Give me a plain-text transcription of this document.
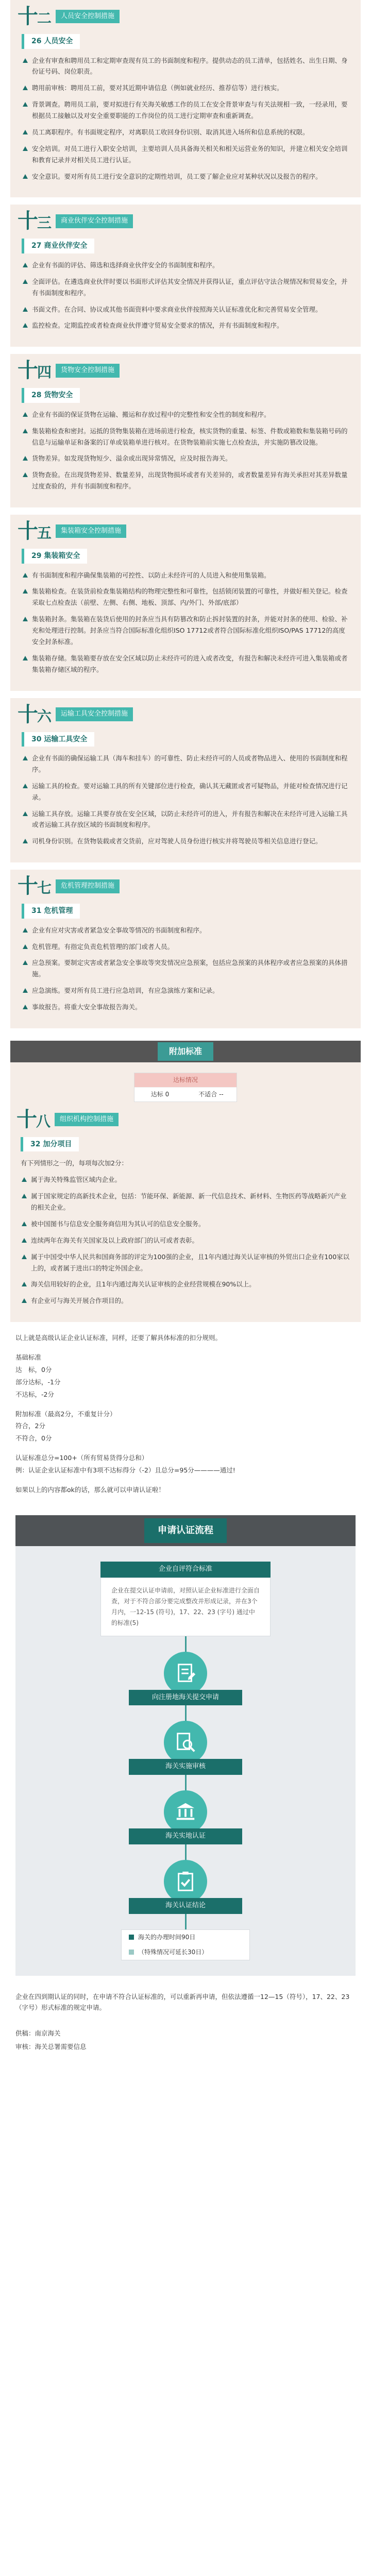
十二	人员安全控制措施
26 人员安全
企业有审查和聘用员工和定期审查现有员工的书面制度和程序。提供动态的员工清单，包括姓名、出生日期、身份证号码、岗位职责。
聘用前审核：聘用员工前，要对其近期申请信息（例如就业经历、推荐信等）进行核实。
背景调查。聘用员工前，要对拟进行有关海关敏感工作的员工在安全背景审查与有关法规相一致，一经录用，要根据员工接触以及对安全重要职能的工作岗位的员工进行定期审查和重新调查。
员工离职程序。有书面规定程序，对离职员工收回身份识别、取消其进入场所和信息系统的权限。
安全培训。对员工进行入职安全培训，主要培训人员具备海关相关和相关运营业务的知识，并建立相关安全培训和教育记录并对相关员工进行认证。
安全意识。要对所有员工进行安全意识的定期性培训，员工要了解企业应对某种状况以及报告的程序。
十三	商业伙伴安全控制措施
27 商业伙伴安全
企业有书面的评估、筛选和选择商业伙伴安全的书面制度和程序。
全面评估。在遴选商业伙伴时要以书面形式评估其安全情况并获得认证，重点评估守法合规情况和贸易安全，并有书面制度和程序。
书面文件。在合同、协议或其他书面资料中要求商业伙伴按照海关认证标准优化和完善贸易安全管理。
监控检查。定期监控或者检查商业伙伴遵守贸易安全要求的情况，并有书面制度和程序。
十四	货物安全控制措施
28 货物安全
企业有书面的保证货物在运输、搬运和存放过程中的完整性和安全性的制度和程序。
集装箱检查和密封。运抵的货物集装箱在进场前进行检查，核实货物的重量、标签、件数或箱数和集装箱号码的信息与运输单证和备案的订单或装箱单进行核对。在货物装箱前实施七点检查法，并实施防篡改设施。
货物差异。如发现货物短少、溢余或出现异常情况，应及时报告海关。
货物查验。在出现货物差异、数量差异，出现货物损坏或者有关差异的，或者数量差异有海关承担对其差异数量过度查验的，并有书面制度和程序。
十五	集装箱安全控制措施
29 集装箱安全
有书面制度和程序确保集装箱的可控性、以防止未经许可的人员进入和使用集装箱。
集装箱检查。在装货前检查集装箱结构的物理完整性和可靠性，包括锁闭装置的可靠性，并做好相关登记。检查采取七点检查法（前壁、左侧、右侧、地板、顶部、内/外门、外部/底部）
集装箱封条。集装箱在装货后使用的封条应当具有防篡改和防止拆封装置的封条，并能对封条的使用、检验、补充和处理进行控制。封条应当符合国际标准化组织ISO 17712或者符合国际标准化组织ISO/PAS 17712的高度安全封条标准。
集装箱存储。集装箱要存放在安全区域以防止未经许可的进入或者改变，有报告和解决未经许可进入集装箱或者集装箱存储区域的程序。
十六	运输工具安全控制措施
30 运输工具安全
企业有书面的确保运输工具（海车和挂车）的可靠性、防止未经许可的人员或者物品进入、使用的书面制度和程序。
运输工具的检查。要对运输工具的所有关键部位进行检查，确认其无藏匿或者可疑物品，并能对检查情况进行记录。
运输工具存放。运输工具要存放在安全区域，以防止未经许可的进入，并有报告和解决在未经许可进入运输工具或者运输工具存放区域的书面制度和程序。
司机身份识别。在货物装载或者交货前，应对驾驶人员身份进行核实并将驾驶员等相关信息进行登记。
十七	危机管理控制措施
31 危机管理
企业有应对灾害或者紧急安全事故等情况的书面制度和程序。
危机管理。有指定负责危机管理的部门或者人员。
应急预案。要制定灾害或者紧急安全事故等突发情况应急预案，包括应急预案的具体程序或者应急预案的具体措施。
应急演练。要对所有员工进行应急培训，有应急演练方案和记录。
事故报告。将重大安全事故报告海关。
附加标准
达标情况
达标 0	不适合 --
十八	组织机构控制措施
32 加分项目

有下列情形之一的，每项每次加2分：

属于海关特殊监管区域内企业。
属于国家规定的高新技术企业，包括：节能环保、新能源、新一代信息技术、新材料、生物医药等战略新兴产业的相关企业。
被中国图书与信息安全服务商信用为其认可的信息安全服务。
连续两年在海关有关国家及以上政府部门的认可或者表彰。
属于中国受中华人民共和国商务部的评定为100强的企业，且1年内通过海关认证审核的外贸出口企业有100家以上的，或者属于进出口的特定外国企业。
海关信用较好的企业，且1年内通过海关认证审核的企业经营规模在90%以上。
有企业可与海关开展合作项目的。

以上就是高级认证企业认证标准，同样，还要了解具体标准的扣分规则。

基础标准

达　标，0分

部分达标，-1分

不达标，-2分

附加标准（最高2分，不重复计分）

符合，2分

不符合，0分

认证标准总分=100+（所有贸易货得分总和）

例：认证企业认证标准中有3项不达标得分（-2）且总分=95分————通过!

如果以上的内容都ok的话，那么就可以申请认证啦！

申请认证流程
企业自评符合标准
企业在提交认证申请前，对照认证企业标准进行全面自查，对于不符合部分要完成整改并形成记录，并在3个月内，一12-15 (符号)，17、22、23 (字号) 通过中的标准(5)
向注册地海关提交申请
海关实施审核
海关实地认证
海关认证结论
海关的办理时间90日
（特殊情况可延长30日）

企业在四到期认证的同时，在申请不符合认证标准的，可以重新再申请，但依法遵循一12—15（符号），17、22、23（字号）形式标准的规定申请。

供稿：南京海关

审核：海关总署需要信息
